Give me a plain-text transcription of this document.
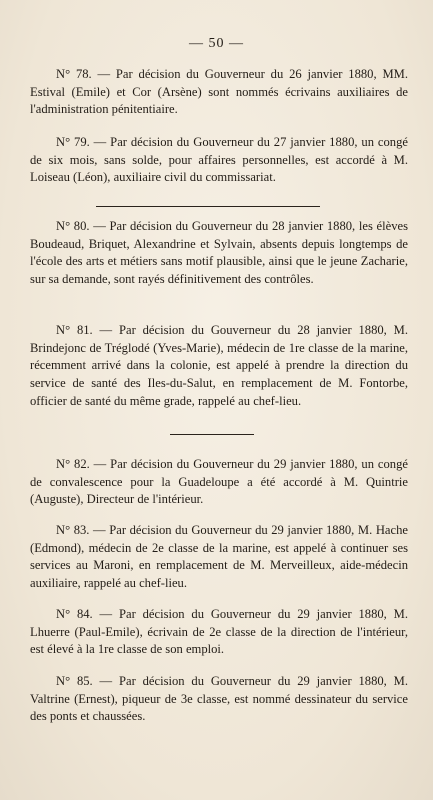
— 50 —

N° 78. — Par décision du Gouverneur du 26 janvier 1880, MM. Estival (Emile) et Cor (Arsène) sont nommés écrivains auxiliaires de l'administration pénitentiaire.

N° 79. — Par décision du Gouverneur du 27 janvier 1880, un congé de six mois, sans solde, pour affaires personnelles, est accordé à M. Loiseau (Léon), auxiliaire civil du commissariat.

N° 80. — Par décision du Gouverneur du 28 janvier 1880, les élèves Boudeaud, Briquet, Alexandrine et Sylvain, absents depuis longtemps de l'école des arts et métiers sans motif plausible, ainsi que le jeune Zacharie, sur sa demande, sont rayés définitivement des contrôles.

N° 81. — Par décision du Gouverneur du 28 janvier 1880, M. Brindejonc de Tréglodé (Yves-Marie), médecin de 1re classe de la marine, récemment arrivé dans la colonie, est appelé à prendre la direction du service de santé des Iles-du-Salut, en remplacement de M. Fontorbe, officier de santé du même grade, rappelé au chef-lieu.

N° 82. — Par décision du Gouverneur du 29 janvier 1880, un congé de convalescence pour la Guadeloupe a été accordé à M. Quintrie (Auguste), Directeur de l'intérieur.

N° 83. — Par décision du Gouverneur du 29 janvier 1880, M. Hache (Edmond), médecin de 2e classe de la marine, est appelé à continuer ses services au Maroni, en remplacement de M. Merveilleux, aide-médecin auxiliaire, rappelé au chef-lieu.

N° 84. — Par décision du Gouverneur du 29 janvier 1880, M. Lhuerre (Paul-Emile), écrivain de 2e classe de la direction de l'intérieur, est élevé à la 1re classe de son emploi.

N° 85. — Par décision du Gouverneur du 29 janvier 1880, M. Valtrine (Ernest), piqueur de 3e classe, est nommé dessinateur du service des ponts et chaussées.
